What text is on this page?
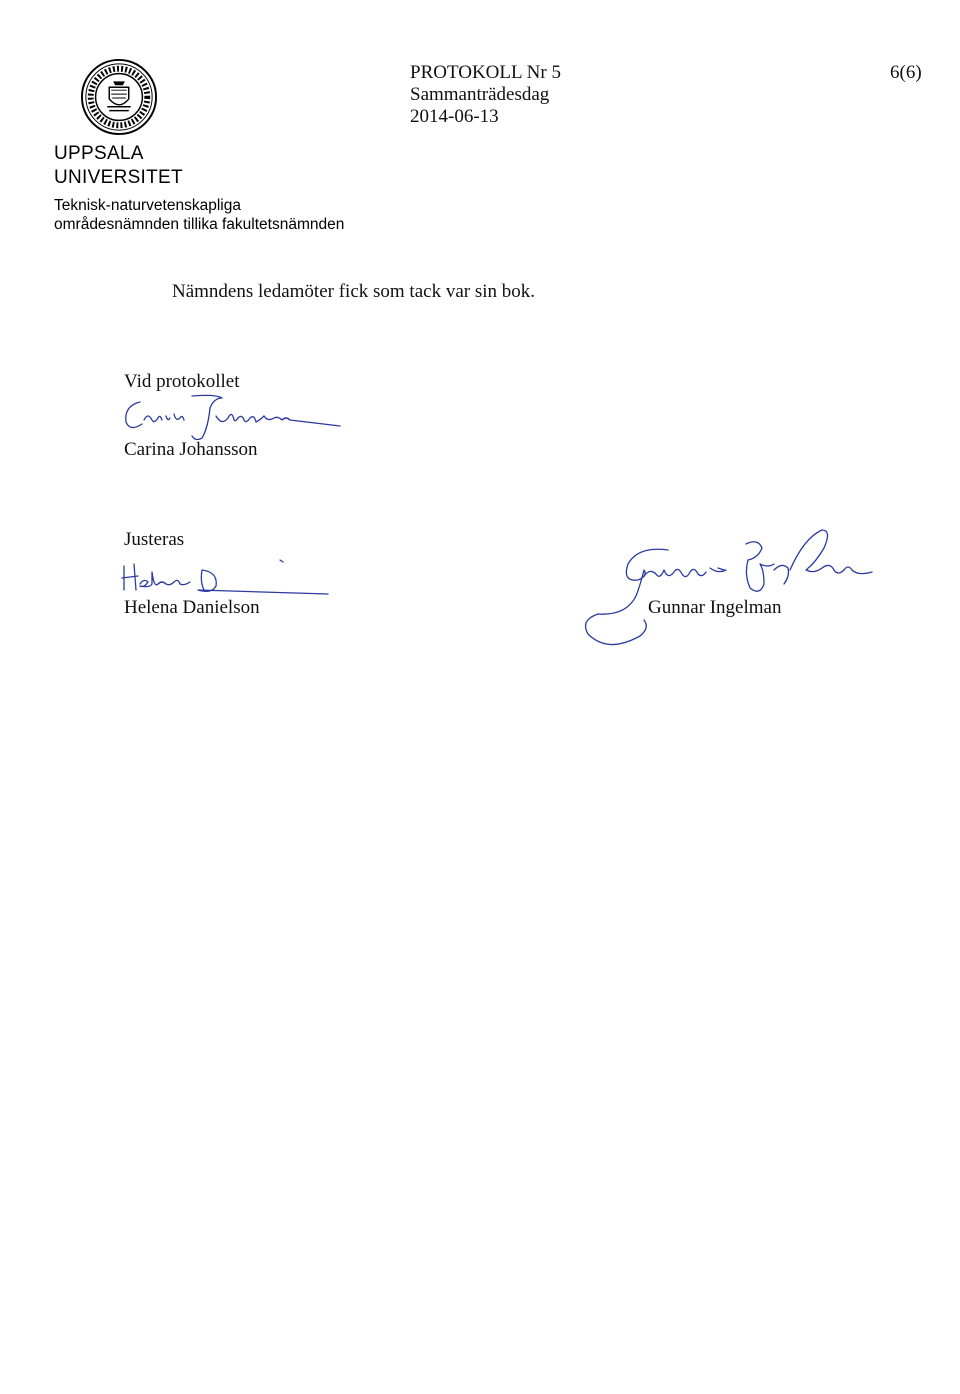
UPPSALA
UNIVERSITET
Teknisk-naturvetenskapliga
områdesnämnden tillika fakultetsnämnden
PROTOKOLL Nr 5
Sammanträdesdag
2014-06-13
6(6)
Nämndens ledamöter fick som tack var sin bok.
Vid protokollet
Carina Johansson
Justeras
Helena Danielson	Gunnar Ingelman
